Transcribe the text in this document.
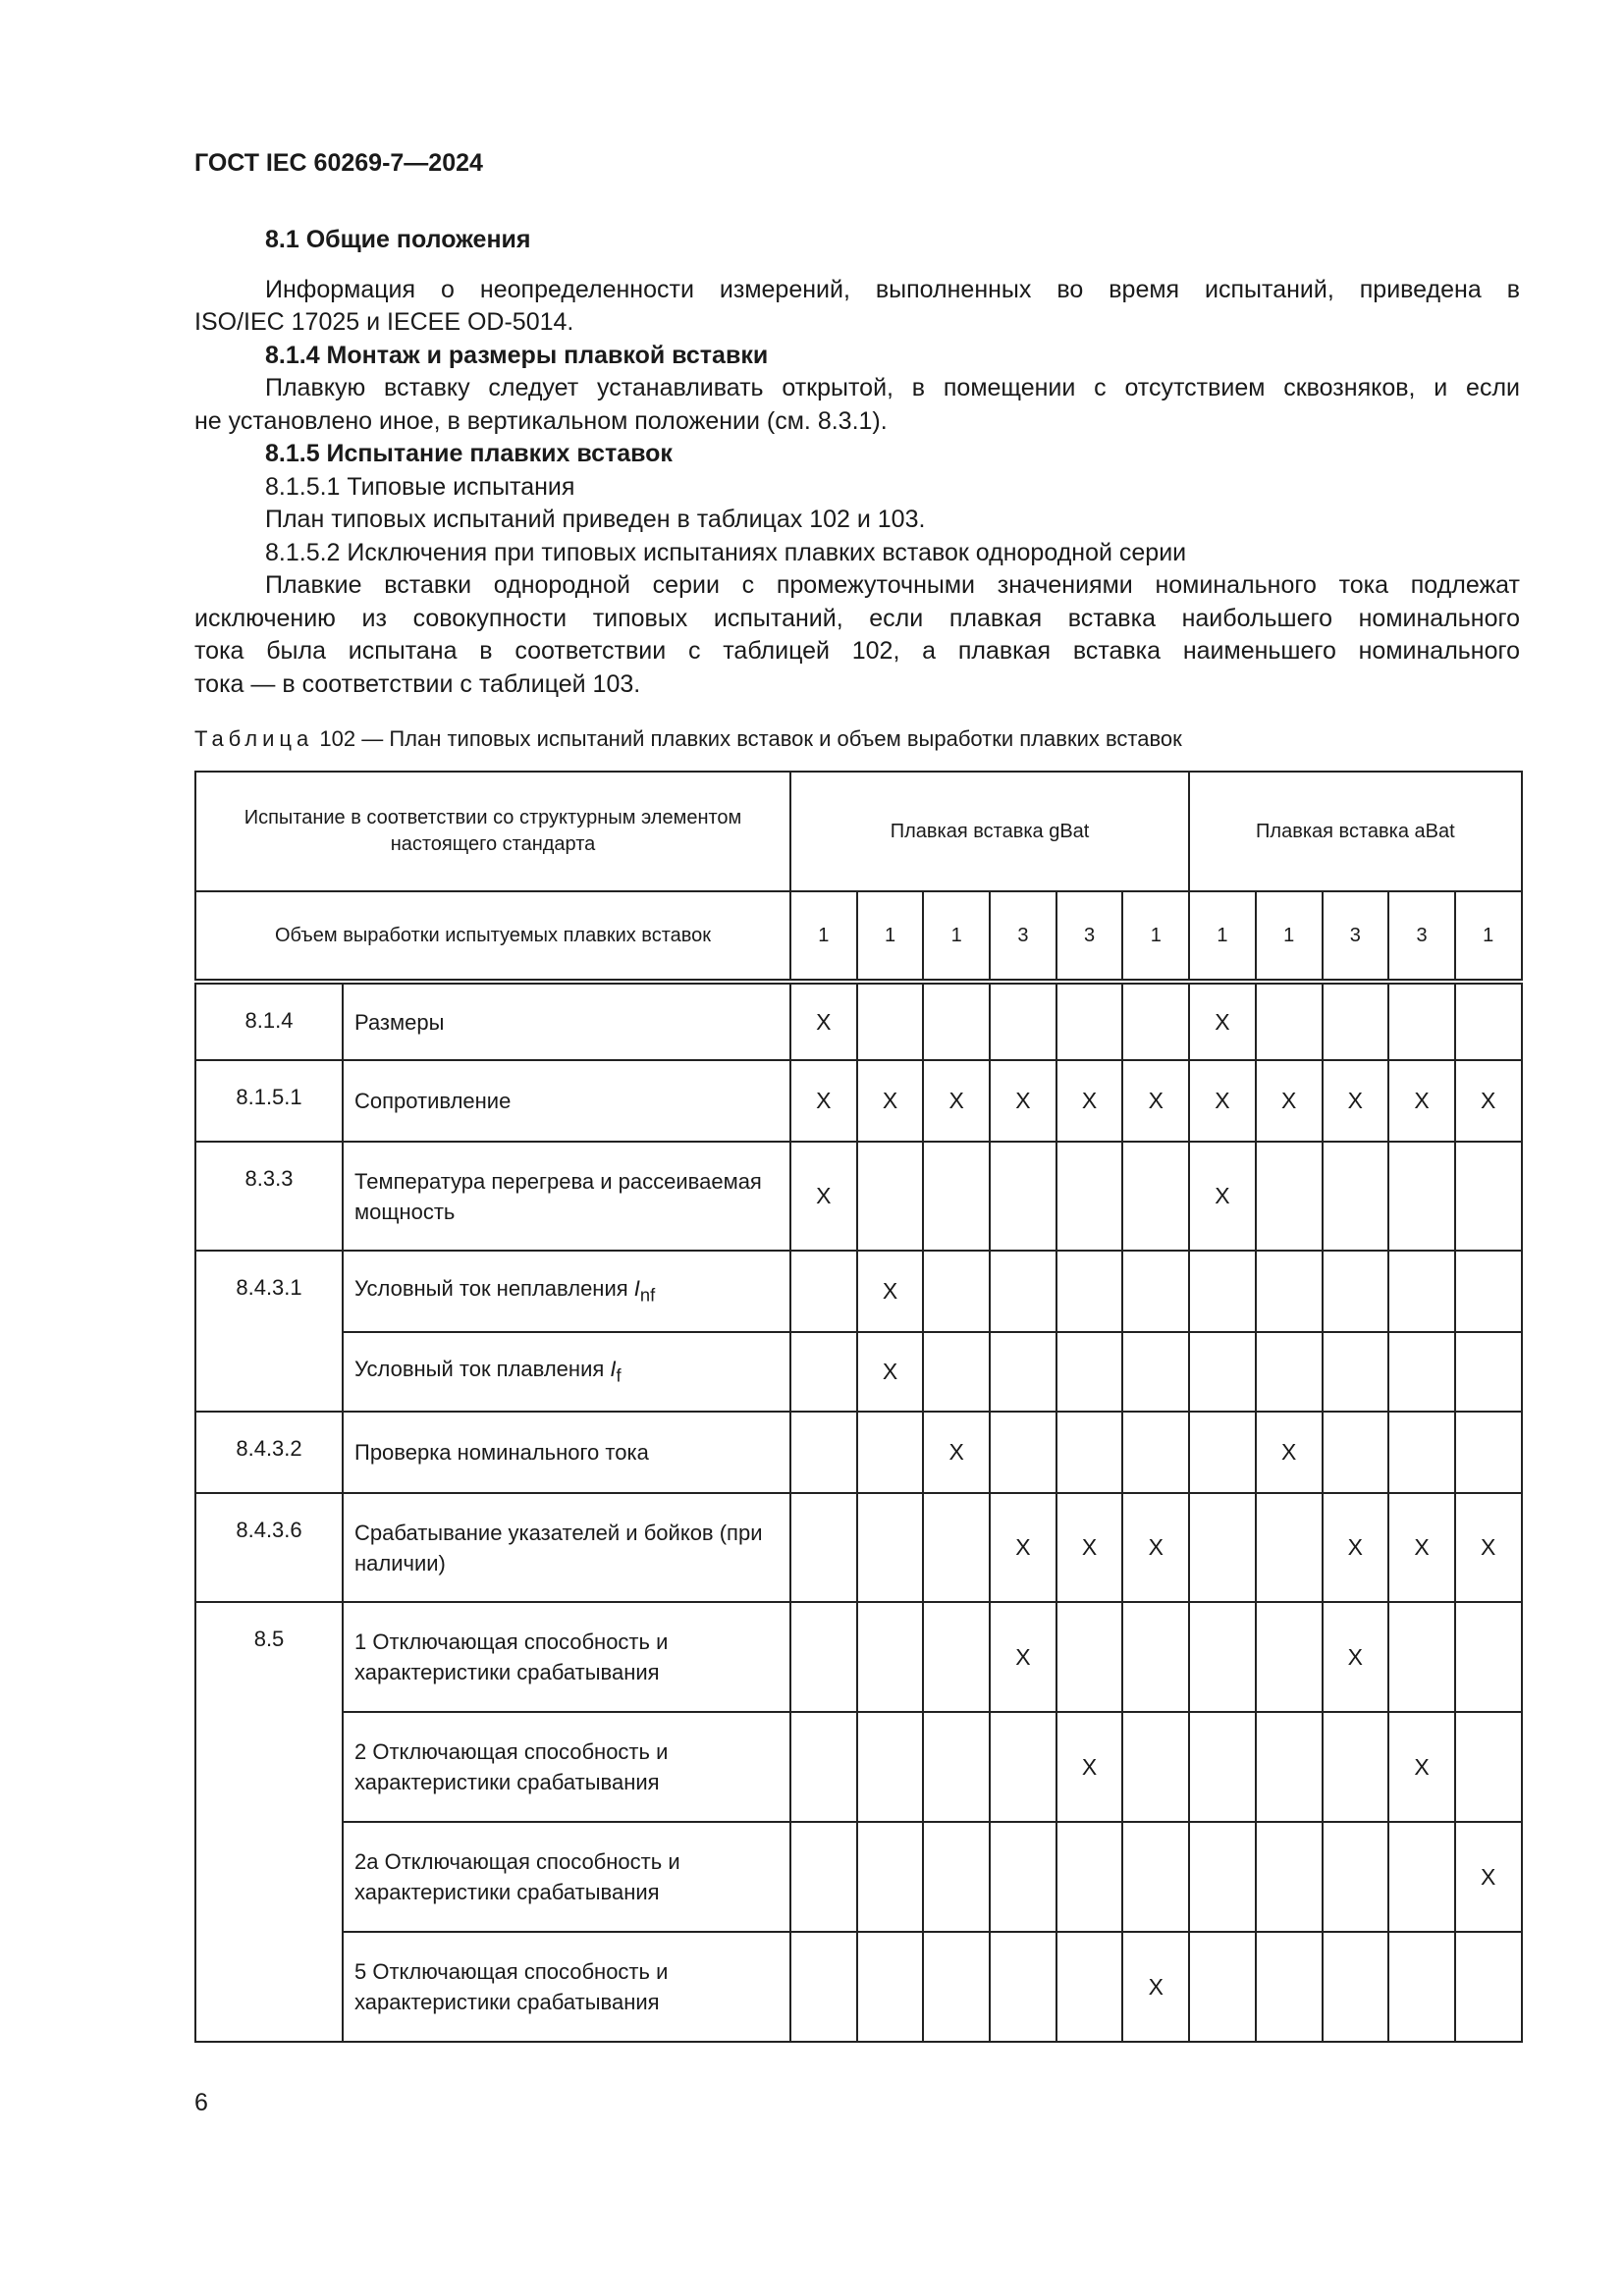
ГОСТ IEC 60269-7—2024
8.1 Общие положения
Информация о неопределенности измерений, выполненных во время испытаний, приведена в
ISO/IEC 17025 и IECEE OD-5014.
8.1.4 Монтаж и размеры плавкой вставки
Плавкую вставку следует устанавливать открытой, в помещении с отсутствием сквозняков, и если
не установлено иное, в вертикальном положении (см. 8.3.1).
8.1.5 Испытание плавких вставок
8.1.5.1 Типовые испытания
План типовых испытаний приведен в таблицах 102 и 103.
8.1.5.2 Исключения при типовых испытаниях плавких вставок однородной серии
Плавкие вставки однородной серии с промежуточными значениями номинального тока подлежат
исключению из совокупности типовых испытаний, если плавкая вставка наибольшего номинального
тока была испытана в соответствии с таблицей 102, а плавкая вставка наименьшего номинального
тока — в соответствии с таблицей 103.
Таблица 102 — План типовых испытаний плавких вставок и объем выработки плавких вставок
Испытание в соответствии со структурным элементом настоящего стандарта		Плавкая вставка gBat						Плавкая вставка aBat				
Объем выработки испытуемых плавких вставок		1	1	1	3	3	1	1	1	3	3	1
8.1.4	Размеры	X						X				
8.1.5.1	Сопротивление	X	X	X	X	X	X	X	X	X	X	X
8.3.3	Температура перегрева и рассеиваемая мощность	X						X				
8.4.3.1	Условный ток неплавления $I_{nf}$		X									
	Условный ток плавления $I_f$		X									
8.4.3.2	Проверка номинального тока			X					X			
8.4.3.6	Срабатывание указателей и бойков (при наличии)				X	X	X			X	X	X
8.5	1 Отключающая способность и характеристики срабатывания				X					X		
	2 Отключающая способность и характеристики срабатывания					X					X	
	2a Отключающая способность и характеристики срабатывания											X
	5 Отключающая способность и характеристики срабатывания						X					
6
